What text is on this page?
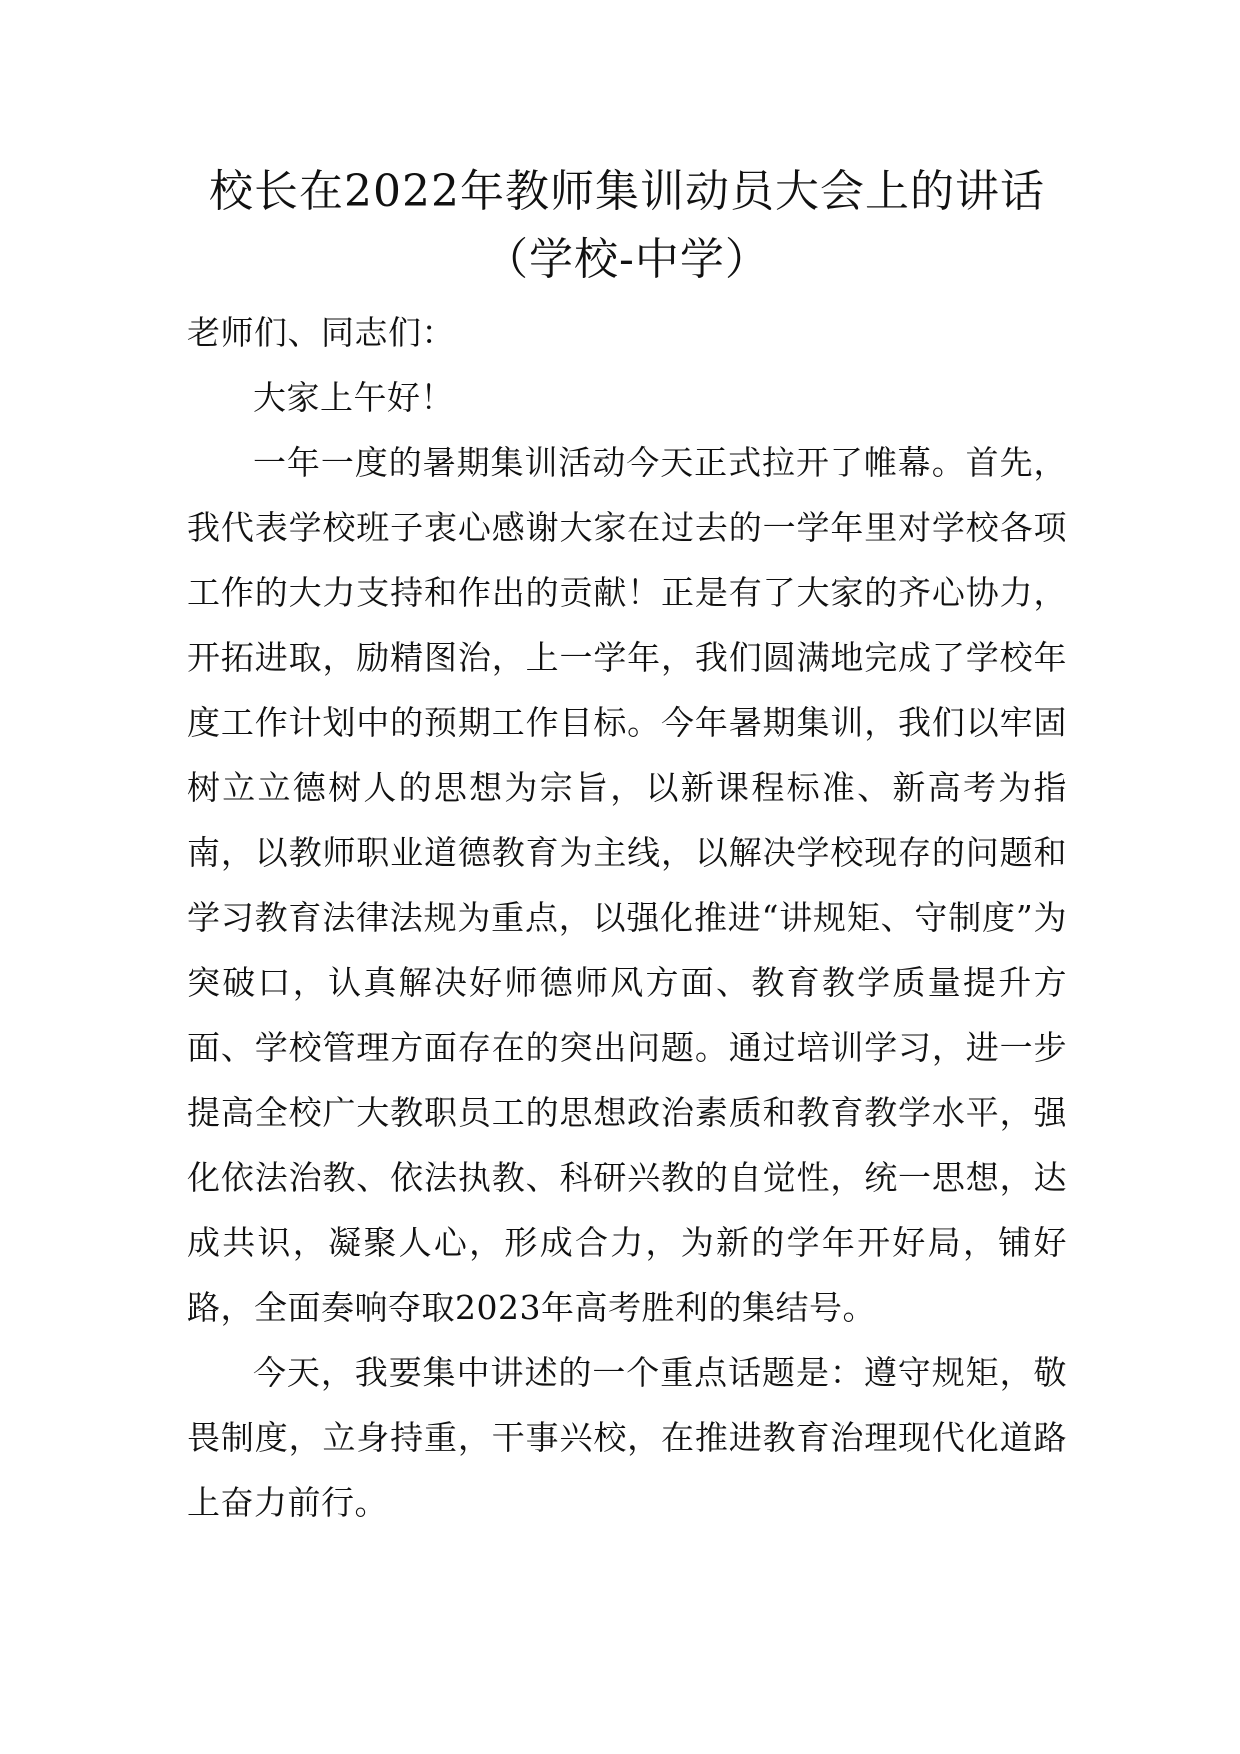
校长在2022年教师集训动员大会上的讲话
（学校-中学）

老师们、同志们：

大家上午好！

一年一度的暑期集训活动今天正式拉开了帷幕。首先，我代表学校班子衷心感谢大家在过去的一学年里对学校各项工作的大力支持和作出的贡献！正是有了大家的齐心协力，开拓进取，励精图治，上一学年，我们圆满地完成了学校年度工作计划中的预期工作目标。今年暑期集训，我们以牢固树立立德树人的思想为宗旨，以新课程标准、新高考为指南，以教师职业道德教育为主线，以解决学校现存的问题和学习教育法律法规为重点，以强化推进“讲规矩、守制度”为突破口，认真解决好师德师风方面、教育教学质量提升方面、学校管理方面存在的突出问题。通过培训学习，进一步提高全校广大教职员工的思想政治素质和教育教学水平，强化依法治教、依法执教、科研兴教的自觉性，统一思想，达成共识，凝聚人心，形成合力，为新的学年开好局，铺好路，全面奏响夺取2023年高考胜利的集结号。

今天，我要集中讲述的一个重点话题是：遵守规矩，敬畏制度，立身持重，干事兴校，在推进教育治理现代化道路上奋力前行。
